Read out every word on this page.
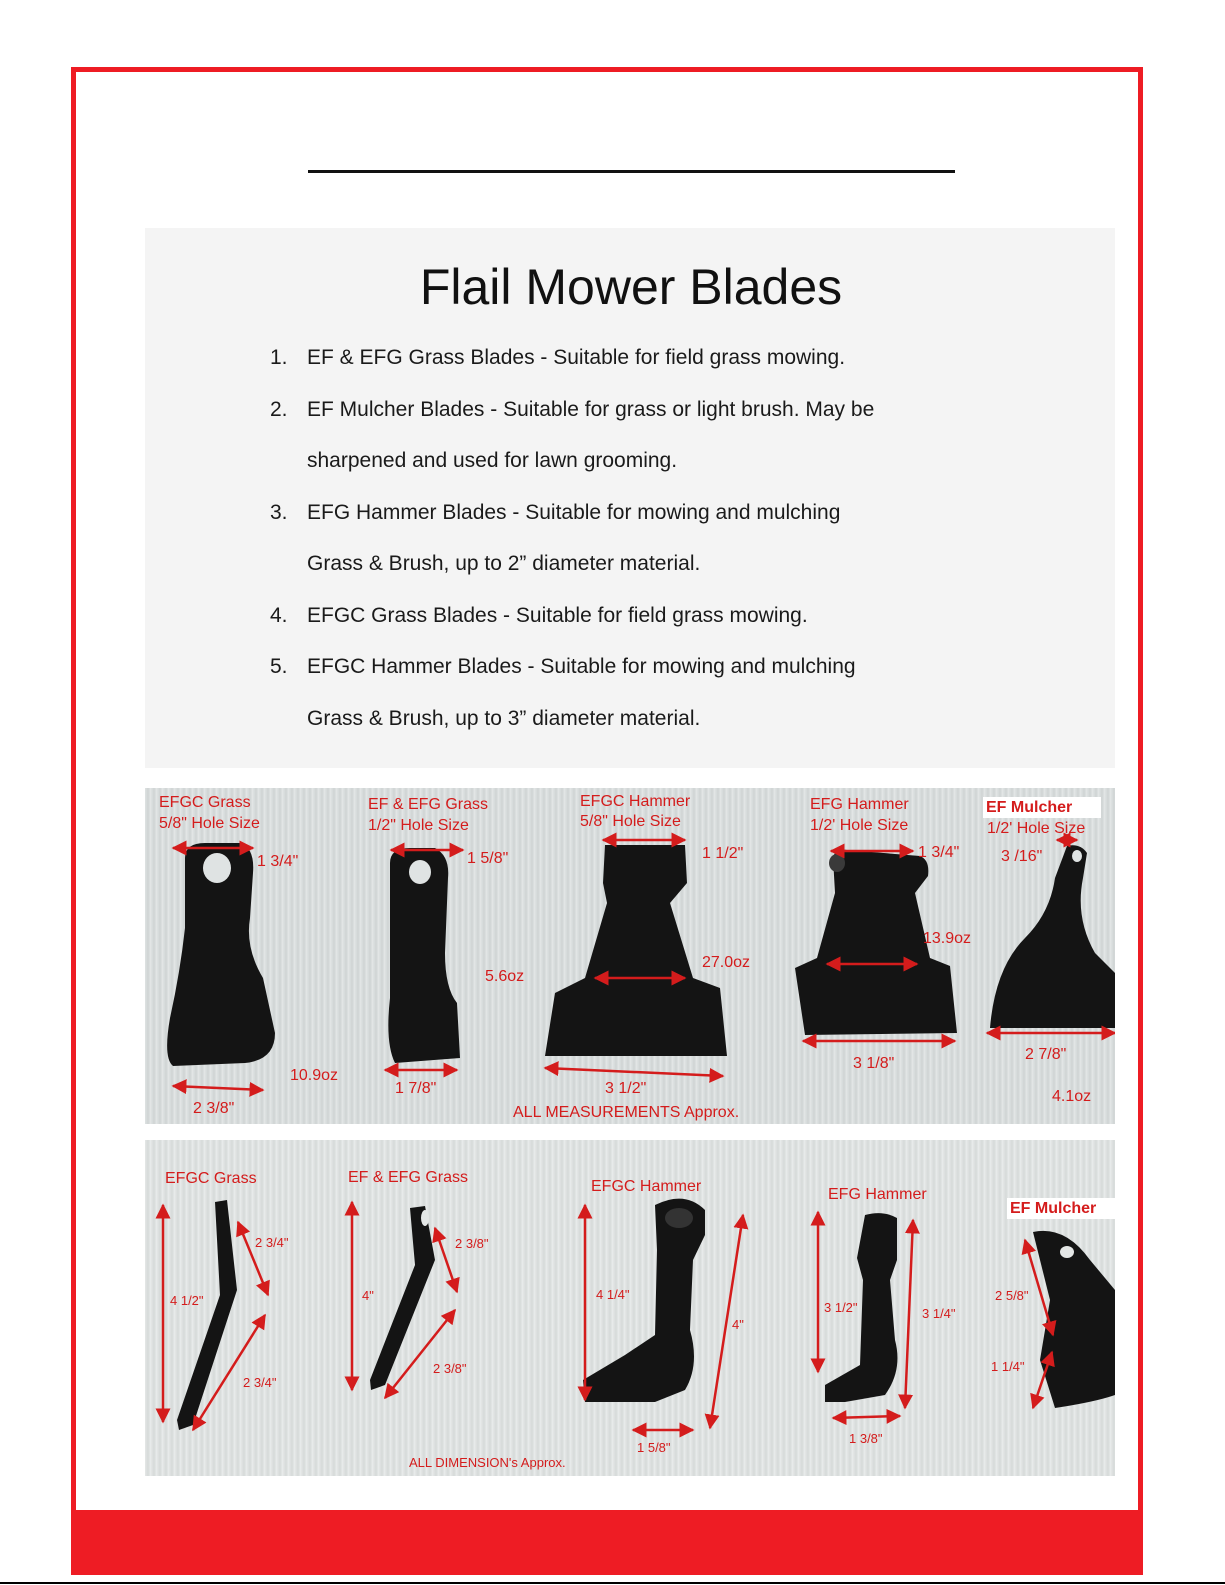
Flail Mower Blades
1. EF & EFG Grass Blades - Suitable for field grass mowing.
2. EF Mulcher Blades - Suitable for grass or light brush. May be
sharpened and used for lawn grooming.
3. EFG Hammer Blades - Suitable for mowing and mulching
Grass & Brush, up to 2” diameter material.
4. EFGC Grass Blades - Suitable for field grass mowing.
5. EFGC Hammer Blades - Suitable for mowing and mulching
Grass & Brush, up to 3” diameter material.
EFGC Grass
5/8" Hole Size
1 3/4"
2 3/8"
10.9oz
EF & EFG Grass
1/2" Hole Size
1 5/8"
1 7/8"
5.6oz
EFGC Hammer
5/8" Hole Size
1 1/2"
27.0oz
3 1/2"
EFG Hammer
1/2' Hole Size
1 3/4"
13.9oz
3 1/8"
EF Mulcher
1/2' Hole Size
3 /16"
2 7/8"
4.1oz
ALL MEASUREMENTS Approx.
EFGC Grass
4 1/2"
2 3/4"
2 3/4"
EF & EFG Grass
4"
2 3/8"
2 3/8"
EFGC Hammer
4 1/4"
4"
1 5/8"
EFG Hammer
3 1/2"	3 1/4"
1 3/8"
EF Mulcher
2 5/8"
1 1/4"
ALL DIMENSION's Approx.
